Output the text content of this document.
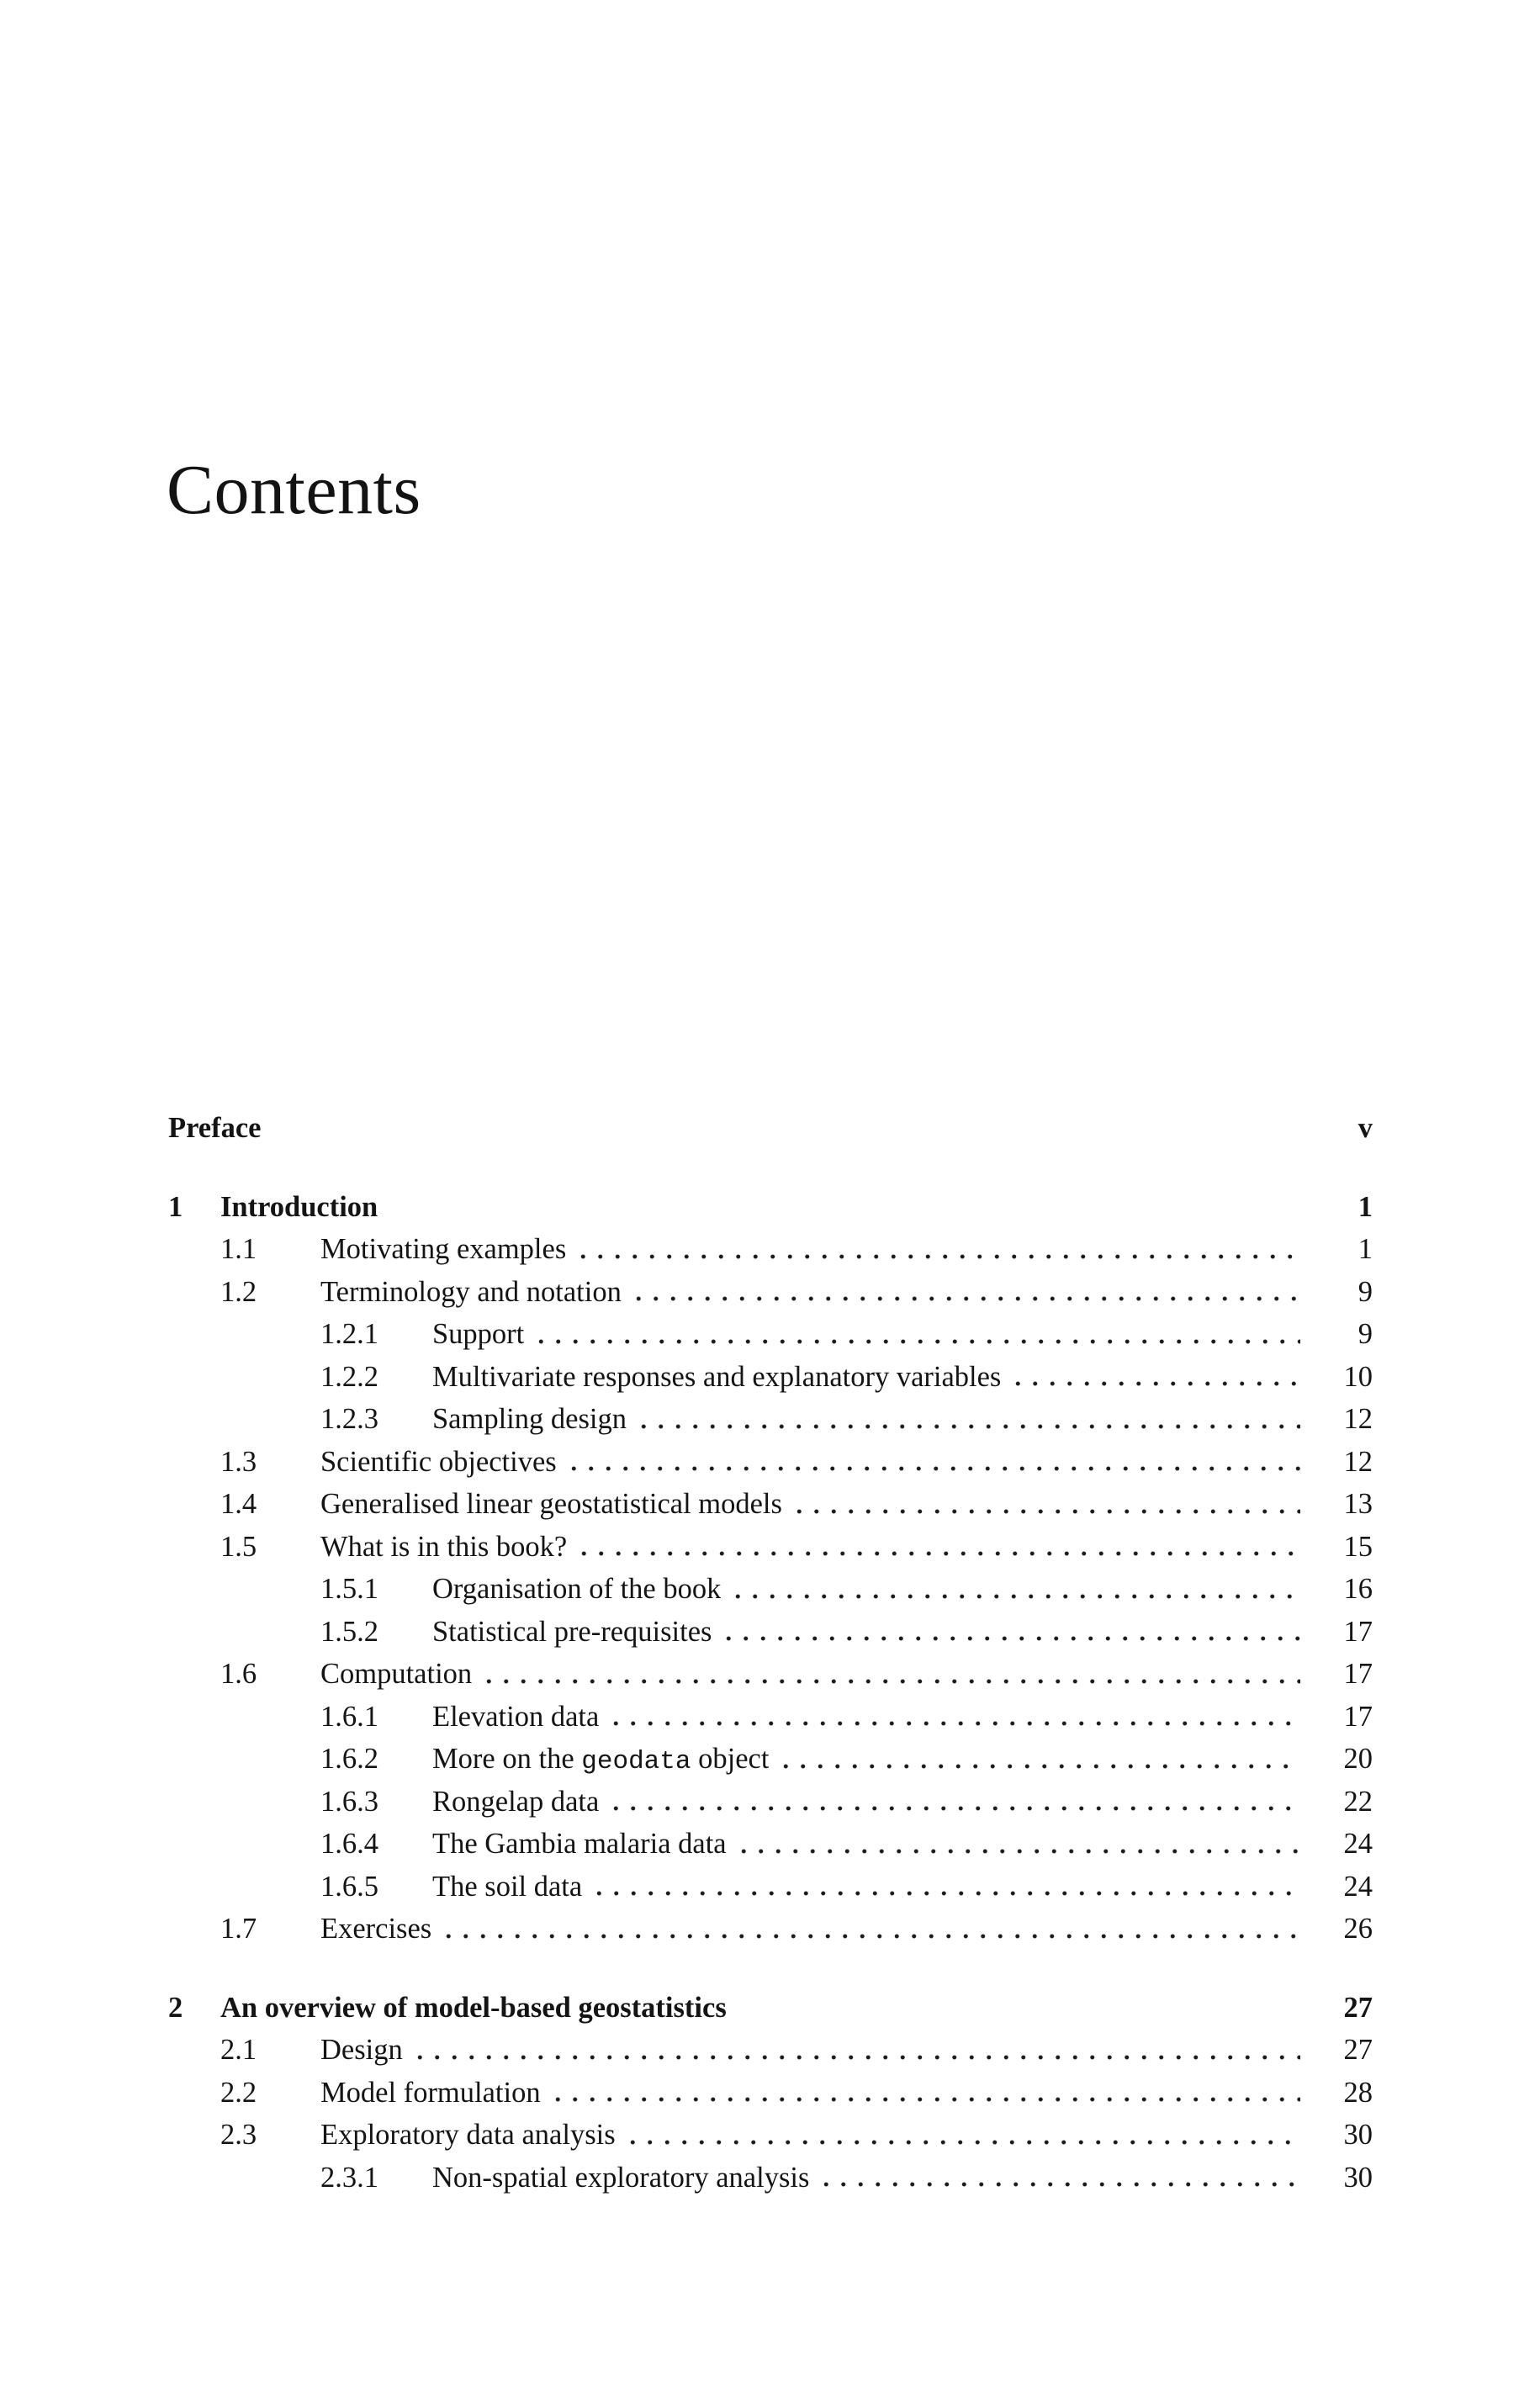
Contents
Preface	v
1	Introduction	1
1.1	Motivating examples	1
1.2	Terminology and notation	9
1.2.1	Support	9
1.2.2	Multivariate responses and explanatory variables	10
1.2.3	Sampling design	12
1.3	Scientific objectives	12
1.4	Generalised linear geostatistical models	13
1.5	What is in this book?	15
1.5.1	Organisation of the book	16
1.5.2	Statistical pre-requisites	17
1.6	Computation	17
1.6.1	Elevation data	17
1.6.2	More on the geodata object	20
1.6.3	Rongelap data	22
1.6.4	The Gambia malaria data	24
1.6.5	The soil data	24
1.7	Exercises	26
2	An overview of model-based geostatistics	27
2.1	Design	27
2.2	Model formulation	28
2.3	Exploratory data analysis	30
2.3.1	Non-spatial exploratory analysis	30
